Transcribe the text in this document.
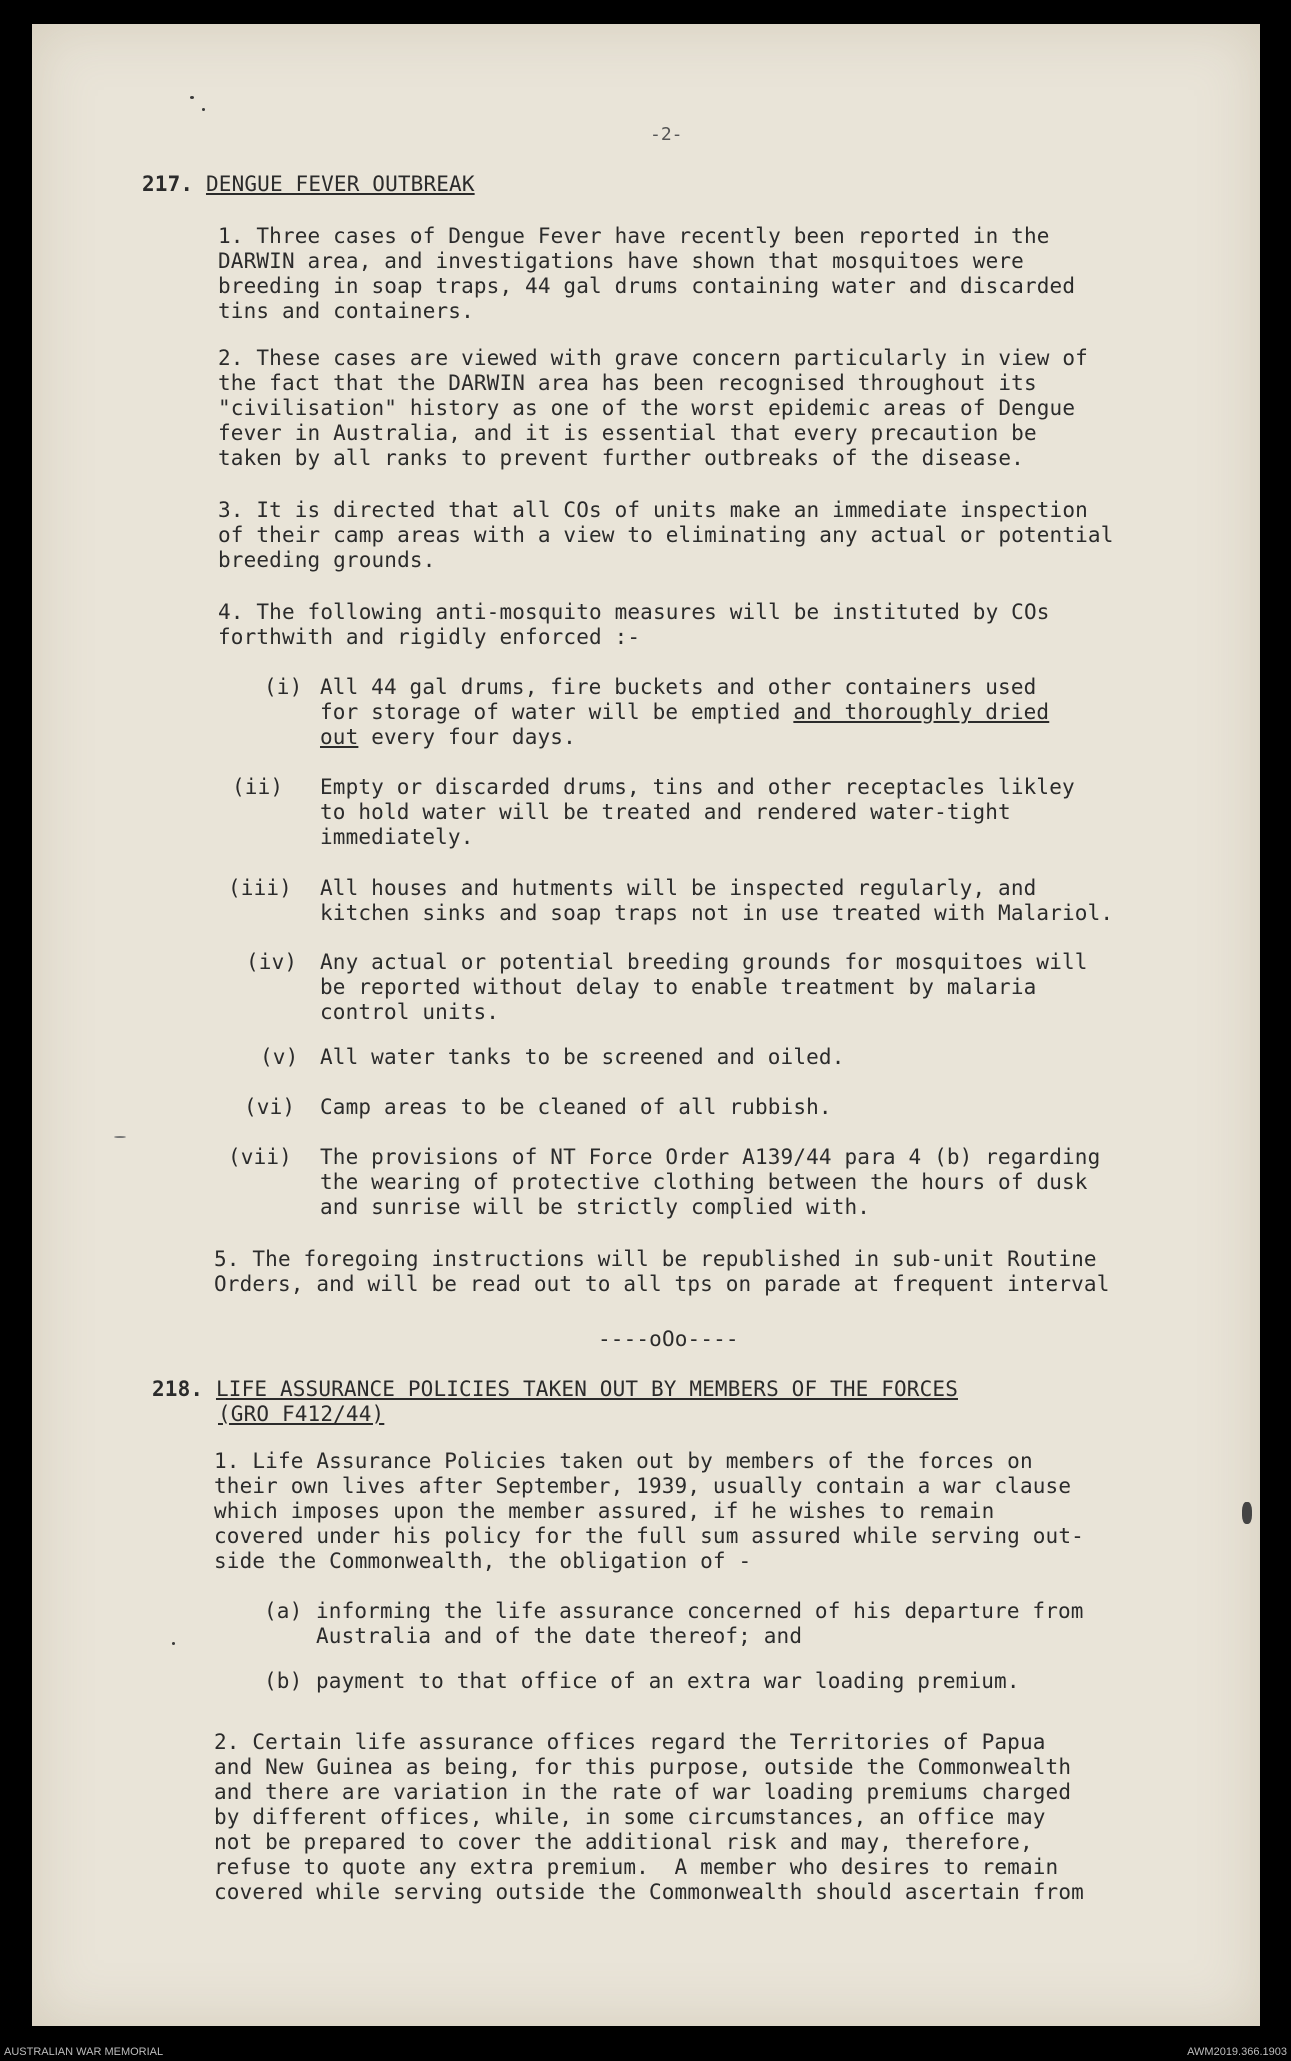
-2-
217. DENGUE FEVER OUTBREAK
1. Three cases of Dengue Fever have recently been reported in the
DARWIN area, and investigations have shown that mosquitoes were
breeding in soap traps, 44 gal drums containing water and discarded
tins and containers.
2. These cases are viewed with grave concern particularly in view of
the fact that the DARWIN area has been recognised throughout its
"civilisation" history as one of the worst epidemic areas of Dengue
fever in Australia, and it is essential that every precaution be
taken by all ranks to prevent further outbreaks of the disease.
3. It is directed that all COs of units make an immediate inspection
of their camp areas with a view to eliminating any actual or potential
breeding grounds.
4. The following anti-mosquito measures will be instituted by COs
forthwith and rigidly enforced :-
(i) All 44 gal drums, fire buckets and other containers used
for storage of water will be emptied and thoroughly dried
out every four days.
(ii) Empty or discarded drums, tins and other receptacles likley
to hold water will be treated and rendered water-tight
immediately.
(iii) All houses and hutments will be inspected regularly, and
kitchen sinks and soap traps not in use treated with Malariol.
(iv) Any actual or potential breeding grounds for mosquitoes will
be reported without delay to enable treatment by malaria
control units.
(v) All water tanks to be screened and oiled.
(vi) Camp areas to be cleaned of all rubbish.
(vii) The provisions of NT Force Order A139/44 para 4 (b) regarding
the wearing of protective clothing between the hours of dusk
and sunrise will be strictly complied with.
5. The foregoing instructions will be republished in sub-unit Routine
Orders, and will be read out to all tps on parade at frequent interval
----oOo----
218. LIFE ASSURANCE POLICIES TAKEN OUT BY MEMBERS OF THE FORCES
(GRO F412/44)
1. Life Assurance Policies taken out by members of the forces on
their own lives after September, 1939, usually contain a war clause
which imposes upon the member assured, if he wishes to remain
covered under his policy for the full sum assured while serving out-
side the Commonwealth, the obligation of -
(a) informing the life assurance concerned of his departure from
Australia and of the date thereof; and
(b) payment to that office of an extra war loading premium.
2. Certain life assurance offices regard the Territories of Papua
and New Guinea as being, for this purpose, outside the Commonwealth
and there are variation in the rate of war loading premiums charged
by different offices, while, in some circumstances, an office may
not be prepared to cover the additional risk and may, therefore,
refuse to quote any extra premium.  A member who desires to remain
covered while serving outside the Commonwealth should ascertain from
AUSTRALIAN WAR MEMORIAL	AWM2019.366.1903
